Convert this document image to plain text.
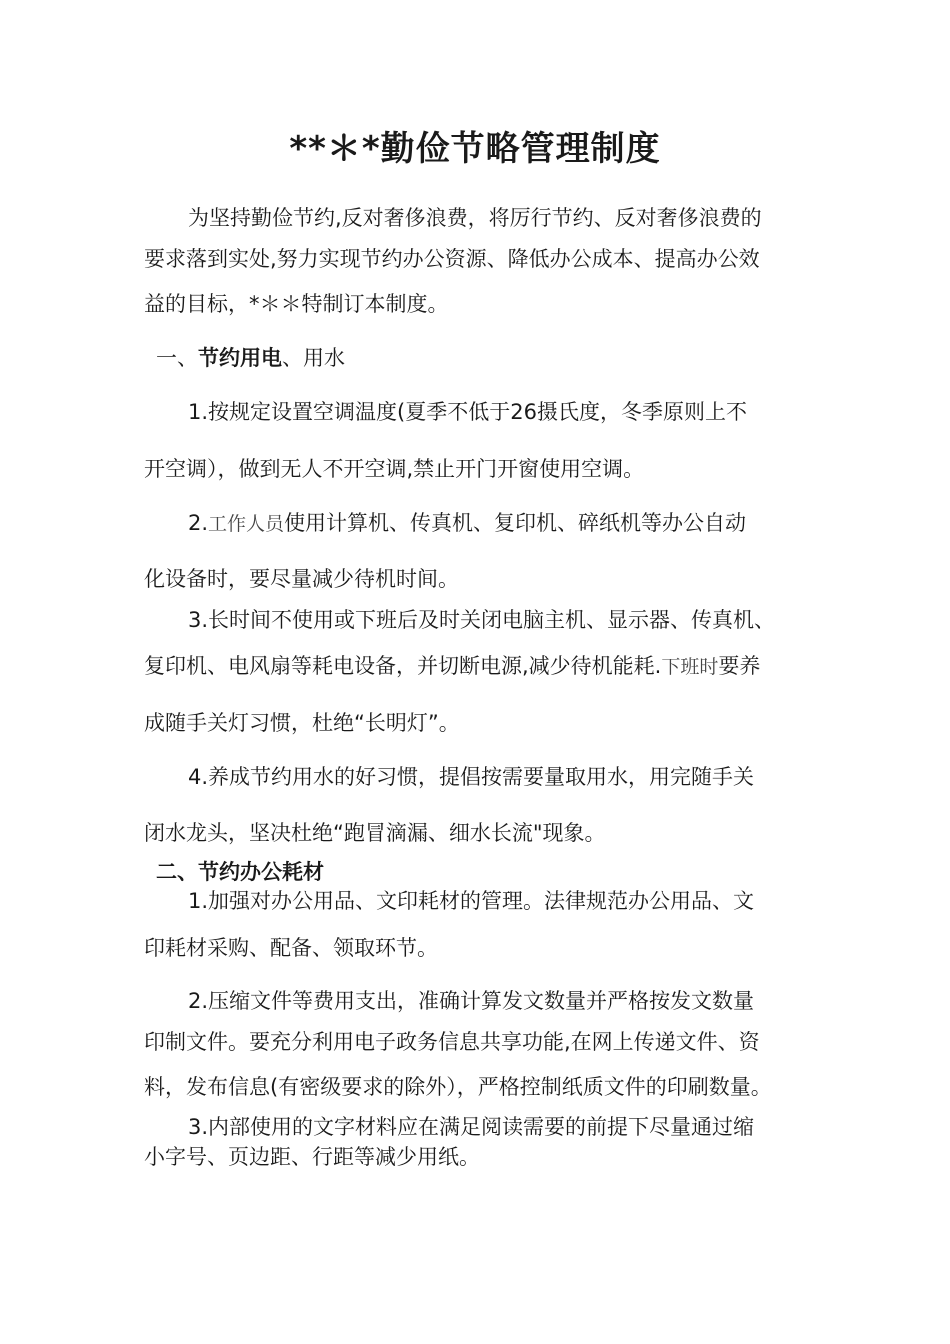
**＊*勤俭节略管理制度

为坚持勤俭节约,反对奢侈浪费，将厉行节约、反对奢侈浪费的

要求落到实处,努力实现节约办公资源、降低办公成本、提高办公效

益的目标，*＊＊特制订本制度。

一、节约用电、用水

1.按规定设置空调温度(夏季不低于26摄氏度，冬季原则上不

开空调），做到无人不开空调,禁止开门开窗使用空调。

2.工作人员使用计算机、传真机、复印机、碎纸机等办公自动

化设备时，要尽量减少待机时间。

3.长时间不使用或下班后及时关闭电脑主机、显示器、传真机、

复印机、电风扇等耗电设备，并切断电源,减少待机能耗.下班时要养

成随手关灯习惯，杜绝“长明灯”。

4.养成节约用水的好习惯，提倡按需要量取用水，用完随手关

闭水龙头，坚决杜绝“跑冒滴漏、细水长流"现象。

二、节约办公耗材

1.加强对办公用品、文印耗材的管理。法律规范办公用品、文

印耗材采购、配备、领取环节。

2.压缩文件等费用支出，准确计算发文数量并严格按发文数量

印制文件。要充分利用电子政务信息共享功能,在网上传递文件、资

料，发布信息(有密级要求的除外），严格控制纸质文件的印刷数量。

3.内部使用的文字材料应在满足阅读需要的前提下尽量通过缩

小字号、页边距、行距等减少用纸。
